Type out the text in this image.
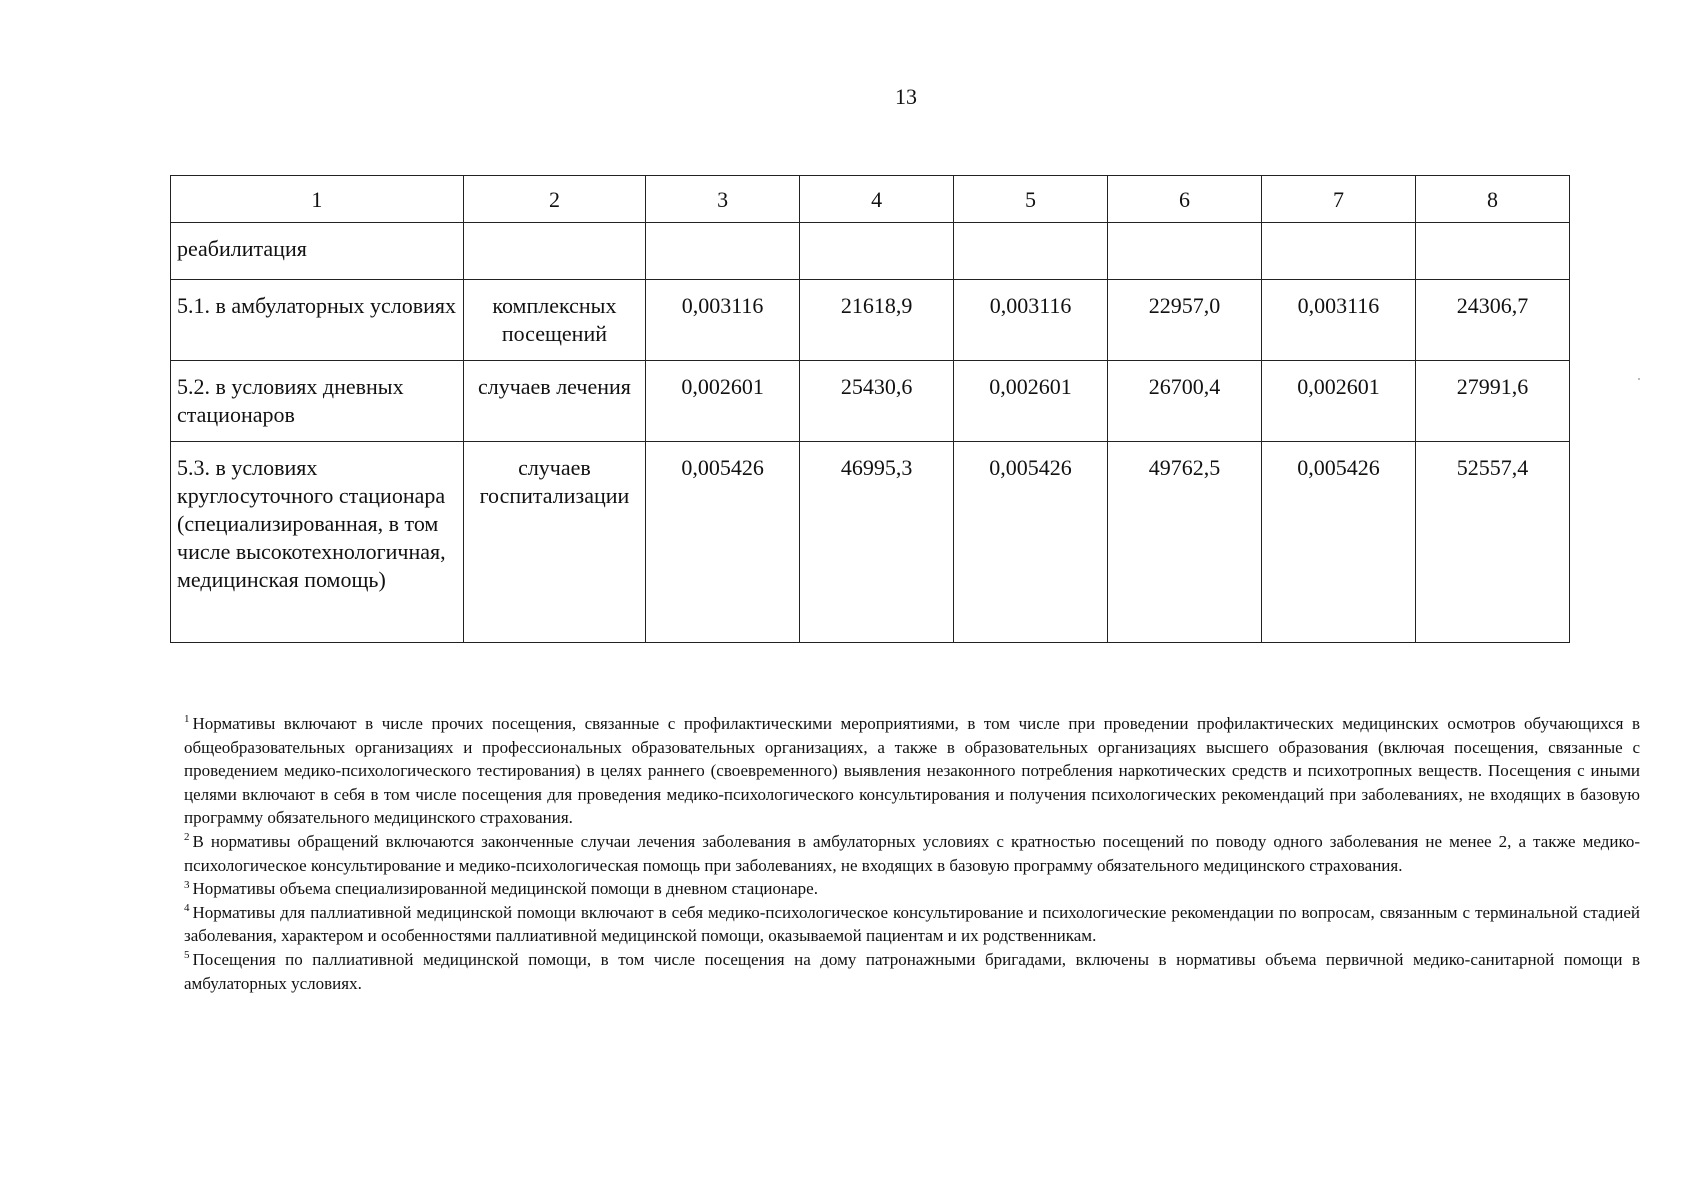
13
1	2	3	4	5	6	7	8
реабилитация							
5.1. в амбулаторных условиях	комплексных посещений	0,003116	21618,9	0,003116	22957,0	0,003116	24306,7
5.2. в условиях дневных стационаров	случаев лечения	0,002601	25430,6	0,002601	26700,4	0,002601	27991,6
5.3. в условиях круглосуточного стационара (специализированная, в том числе высокотехнологичная, медицинская помощь)	случаев госпитализации	0,005426	46995,3	0,005426	49762,5	0,005426	52557,4

$^1$ Нормативы включают в числе прочих посещения, связанные с профилактическими мероприятиями, в том числе при проведении профилактических медицинских осмотров обучающихся в общеобразовательных организациях и профессиональных образовательных организациях, а также в образовательных организациях высшего образования (включая посещения, связанные с проведением медико-психологического тестирования) в целях раннего (своевременного) выявления незаконного потребления наркотических средств и психотропных веществ. Посещения с иными целями включают в себя в том числе посещения для проведения медико-психологического консультирования и получения психологических рекомендаций при заболеваниях, не входящих в базовую программу обязательного медицинского страхования.

$^2$ В нормативы обращений включаются законченные случаи лечения заболевания в амбулаторных условиях с кратностью посещений по поводу одного заболевания не менее 2, а также медико-психологическое консультирование и медико-психологическая помощь при заболеваниях, не входящих в базовую программу обязательного медицинского страхования.

$^3$ Нормативы объема специализированной медицинской помощи в дневном стационаре.

$^4$ Нормативы для паллиативной медицинской помощи включают в себя медико-психологическое консультирование и психологические рекомендации по вопросам, связанным с терминальной стадией заболевания, характером и особенностями паллиативной медицинской помощи, оказываемой пациентам и их родственникам.

$^5$ Посещения по паллиативной медицинской помощи, в том числе посещения на дому патронажными бригадами, включены в нормативы объема первичной медико-санитарной помощи в амбулаторных условиях.
